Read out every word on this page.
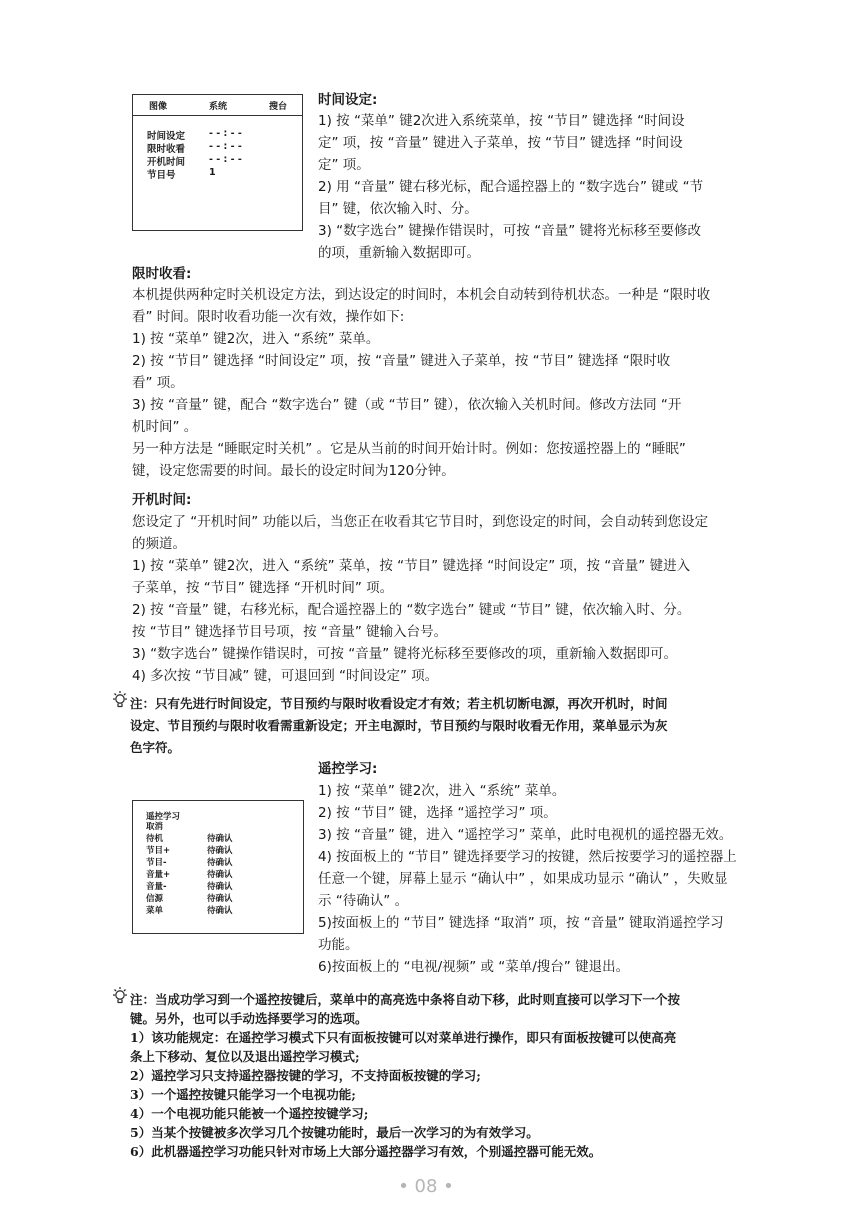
图像	系统	搜台
时间设定	- - : - -
限时收看	- - : - -
开机时间	- - : - -
节目号	1
时间设定:
1) 按 “菜单” 键2次进入系统菜单，按 “节目” 键选择 “时间设
定” 项，按 “音量” 键进入子菜单，按 “节目” 键选择 “时间设
定” 项。
2) 用 “音量” 键右移光标，配合遥控器上的 “数字选台” 键或 “节
目” 键，依次输入时、分。
3) “数字选台” 键操作错误时，可按 “音量” 键将光标移至要修改
的项，重新输入数据即可。
限时收看:
本机提供两种定时关机设定方法，到达设定的时间时，本机会自动转到待机状态。一种是 “限时收
看” 时间。限时收看功能一次有效，操作如下:
1) 按 “菜单” 键2次，进入 “系统” 菜单。
2) 按 “节目” 键选择 “时间设定” 项，按 “音量” 键进入子菜单，按 “节目” 键选择 “限时收
看” 项。
3) 按 “音量” 键，配合 “数字选台” 键（或 “节目” 键），依次输入关机时间。修改方法同 “开
机时间” 。
另一种方法是 “睡眠定时关机” 。它是从当前的时间开始计时。例如：您按遥控器上的 “睡眠”
键，设定您需要的时间。最长的设定时间为120分钟。
开机时间:
您设定了 “开机时间” 功能以后，当您正在收看其它节目时，到您设定的时间，会自动转到您设定
的频道。
1) 按 “菜单” 键2次，进入 “系统” 菜单，按 “节目” 键选择 “时间设定” 项，按 “音量” 键进入
子菜单，按 “节目” 键选择 “开机时间” 项。
2) 按 “音量” 键，右移光标，配合遥控器上的 “数字选台” 键或 “节目” 键，依次输入时、分。
按 “节目” 键选择节目号项，按 “音量” 键输入台号。
3) “数字选台” 键操作错误时，可按 “音量” 键将光标移至要修改的项，重新输入数据即可。
4) 多次按 “节目减” 键，可退回到 “时间设定” 项。
注：只有先进行时间设定，节目预约与限时收看设定才有效；若主机切断电源，再次开机时，时间
设定、节目预约与限时收看需重新设定；开主电源时，节目预约与限时收看无作用，菜单显示为灰
色字符。
遥控学习
取消
待机	待确认
节目+	待确认
节目-	待确认
音量+	待确认
音量-	待确认
信源	待确认
菜单	待确认
遥控学习:
1) 按 “菜单” 键2次，进入 “系统” 菜单。
2) 按 “节目” 键，选择 “遥控学习” 项。
3) 按 “音量” 键，进入 “遥控学习” 菜单，此时电视机的遥控器无效。
4) 按面板上的 “节目” 键选择要学习的按键，然后按要学习的遥控器上
任意一个键，屏幕上显示 “确认中” ，如果成功显示 “确认” ，失败显
示 “待确认” 。
5)按面板上的 “节目” 键选择 “取消” 项，按 “音量” 键取消遥控学习
功能。
6)按面板上的 “电视/视频” 或 “菜单/搜台” 键退出。
注：当成功学习到一个遥控按键后，菜单中的高亮选中条将自动下移，此时则直接可以学习下一个按
键。另外，也可以手动选择要学习的选项。
1）该功能规定：在遥控学习模式下只有面板按键可以对菜单进行操作，即只有面板按键可以使高亮
条上下移动、复位以及退出遥控学习模式;
2）遥控学习只支持遥控器按键的学习，不支持面板按键的学习;
3）一个遥控按键只能学习一个电视功能;
4）一个电视功能只能被一个遥控按键学习;
5）当某个按键被多次学习几个按键功能时，最后一次学习的为有效学习。
6）此机器遥控学习功能只针对市场上大部分遥控器学习有效，个别遥控器可能无效。
• 08 •
